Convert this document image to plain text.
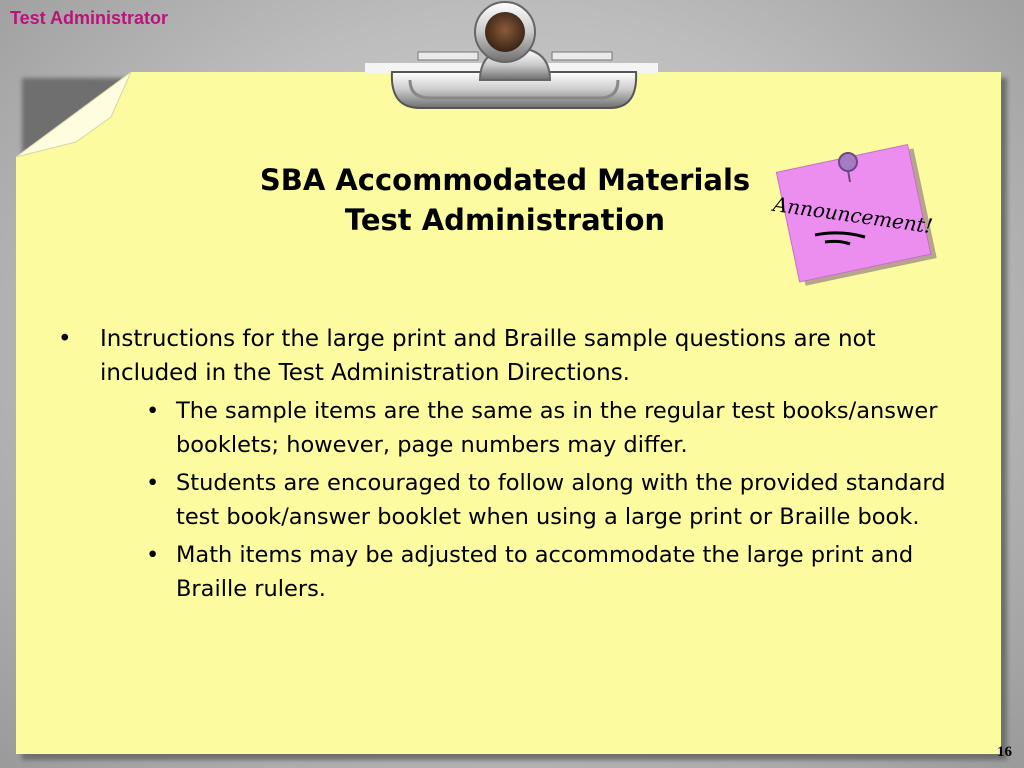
Test Administrator
SBA Accommodated Materials
Test Administration	Announcement!
• Instructions for the large print and Braille sample questions are not included in the Test Administration Directions.
• The sample items are the same as in the regular test books/answer booklets; however, page numbers may differ.
• Students are encouraged to follow along with the provided standard test book/answer booklet when using a large print or Braille book.
• Math items may be adjusted to accommodate the large print and Braille rulers.
16
